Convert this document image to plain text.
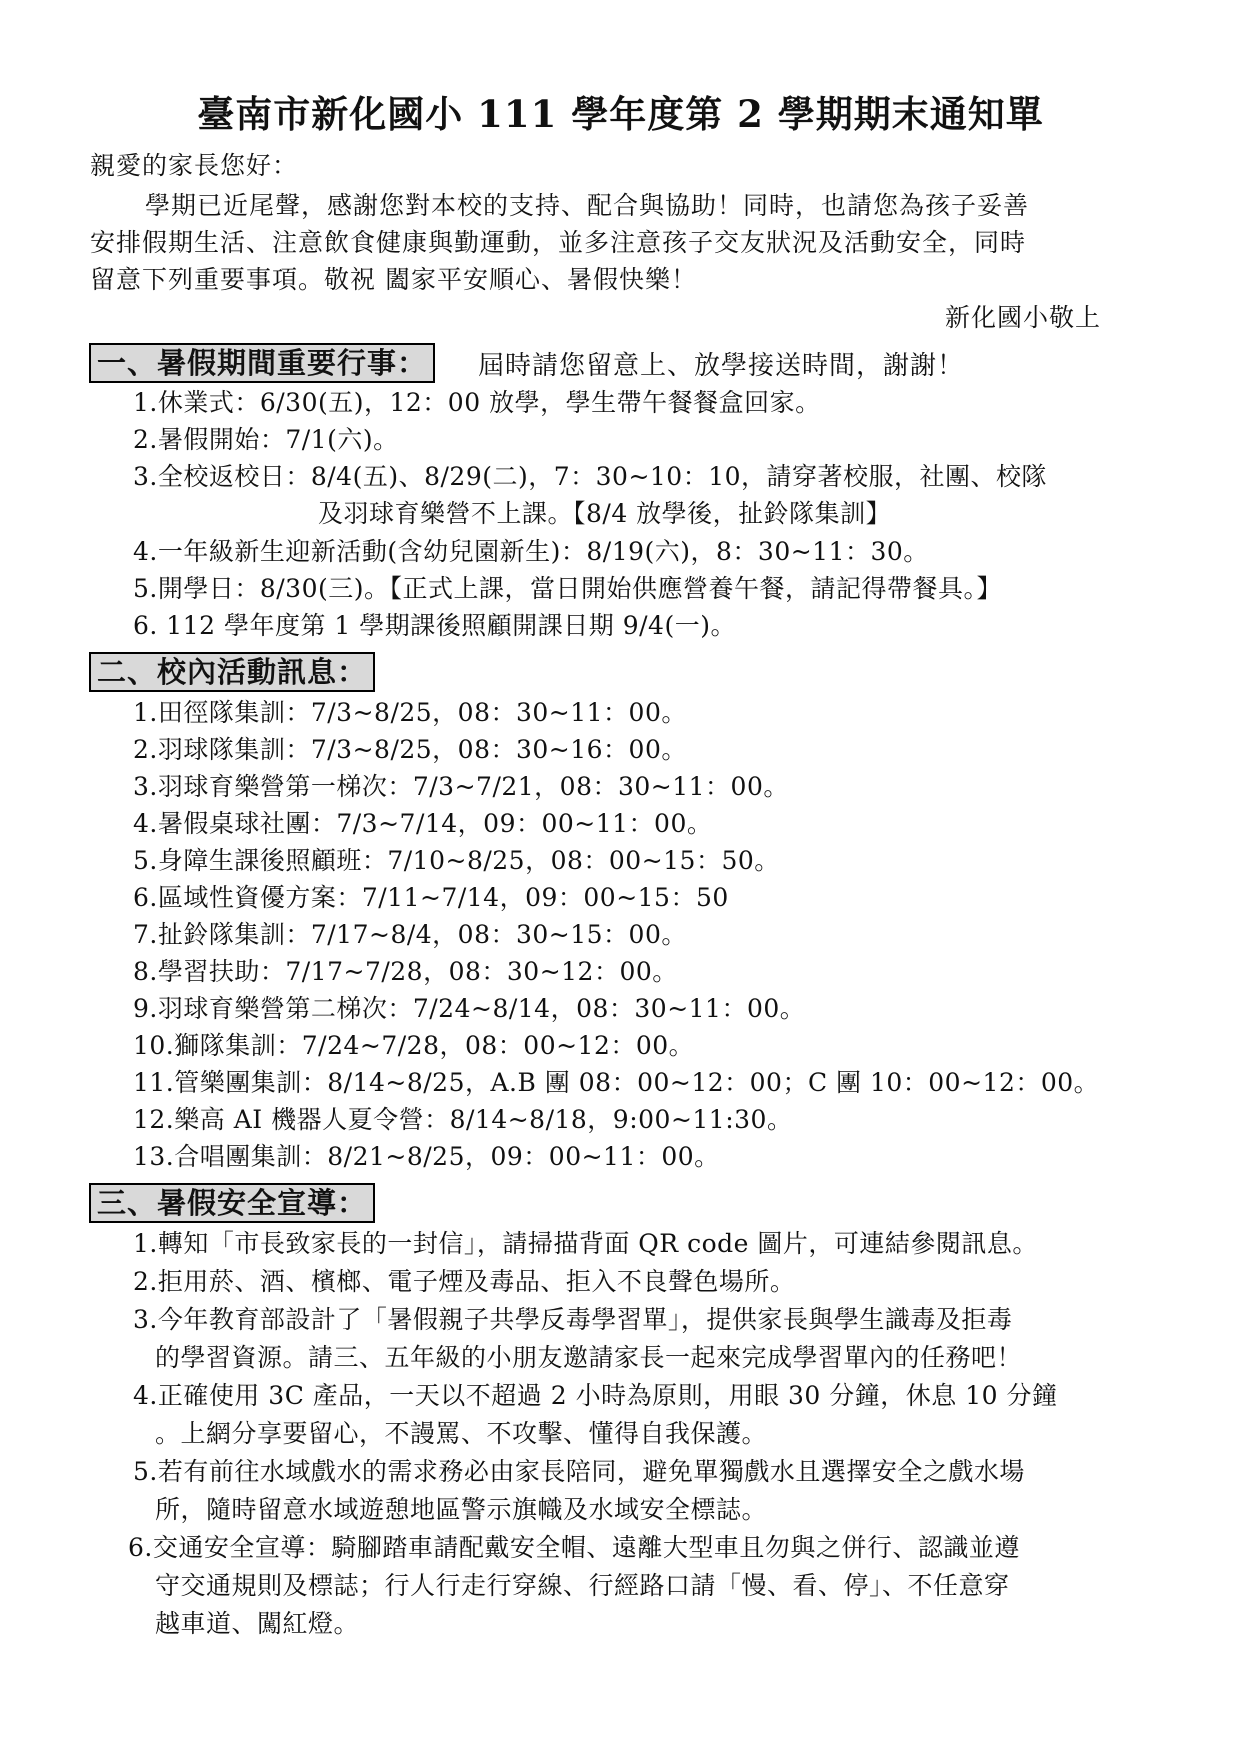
臺南市新化國小 111 學年度第 2 學期期末通知單
親愛的家長您好：
學期已近尾聲，感謝您對本校的支持、配合與協助！同時，也請您為孩子妥善
安排假期生活、注意飲食健康與勤運動，並多注意孩子交友狀況及活動安全，同時
留意下列重要事項。敬祝 闔家平安順心、暑假快樂！
新化國小敬上
一、暑假期間重要行事：	屆時請您留意上、放學接送時間，謝謝！
1.休業式：6/30(五)，12：00 放學，學生帶午餐餐盒回家。
2.暑假開始：7/1(六)。
3.全校返校日：8/4(五)、8/29(二)，7：30~10：10，請穿著校服，社團、校隊
及羽球育樂營不上課。【8/4 放學後，扯鈴隊集訓】
4.一年級新生迎新活動(含幼兒園新生)：8/19(六)，8：30~11：30。
5.開學日：8/30(三)。【正式上課，當日開始供應營養午餐，請記得帶餐具。】
6. 112 學年度第 1 學期課後照顧開課日期 9/4(一)。
二、校內活動訊息：
1.田徑隊集訓：7/3~8/25，08：30~11：00。
2.羽球隊集訓：7/3~8/25，08：30~16：00。
3.羽球育樂營第一梯次：7/3~7/21，08：30~11：00。
4.暑假桌球社團：7/3~7/14，09：00~11：00。
5.身障生課後照顧班：7/10~8/25，08：00~15：50。
6.區域性資優方案：7/11~7/14，09：00~15：50
7.扯鈴隊集訓：7/17~8/4，08：30~15：00。
8.學習扶助：7/17~7/28，08：30~12：00。
9.羽球育樂營第二梯次：7/24~8/14，08：30~11：00。
10.獅隊集訓：7/24~7/28，08：00~12：00。
11.管樂團集訓：8/14~8/25，A.B 團 08：00~12：00；C 團 10：00~12：00。
12.樂高 AI 機器人夏令營：8/14~8/18，9:00~11:30。
13.合唱團集訓：8/21~8/25，09：00~11：00。
三、暑假安全宣導：
1.轉知「市長致家長的一封信」，請掃描背面 QR code 圖片，可連結參閱訊息。
2.拒用菸、酒、檳榔、電子煙及毒品、拒入不良聲色場所。
3.今年教育部設計了「暑假親子共學反毒學習單」，提供家長與學生識毒及拒毒
的學習資源。請三、五年級的小朋友邀請家長一起來完成學習單內的任務吧！
4.正確使用 3C 產品，一天以不超過 2 小時為原則，用眼 30 分鐘，休息 10 分鐘
。上網分享要留心，不謾罵、不攻擊、懂得自我保護。
5.若有前往水域戲水的需求務必由家長陪同，避免單獨戲水且選擇安全之戲水場
所，隨時留意水域遊憩地區警示旗幟及水域安全標誌。
6.交通安全宣導：騎腳踏車請配戴安全帽、遠離大型車且勿與之併行、認識並遵
守交通規則及標誌；行人行走行穿線、行經路口請「慢、看、停」、不任意穿
越車道、闖紅燈。
